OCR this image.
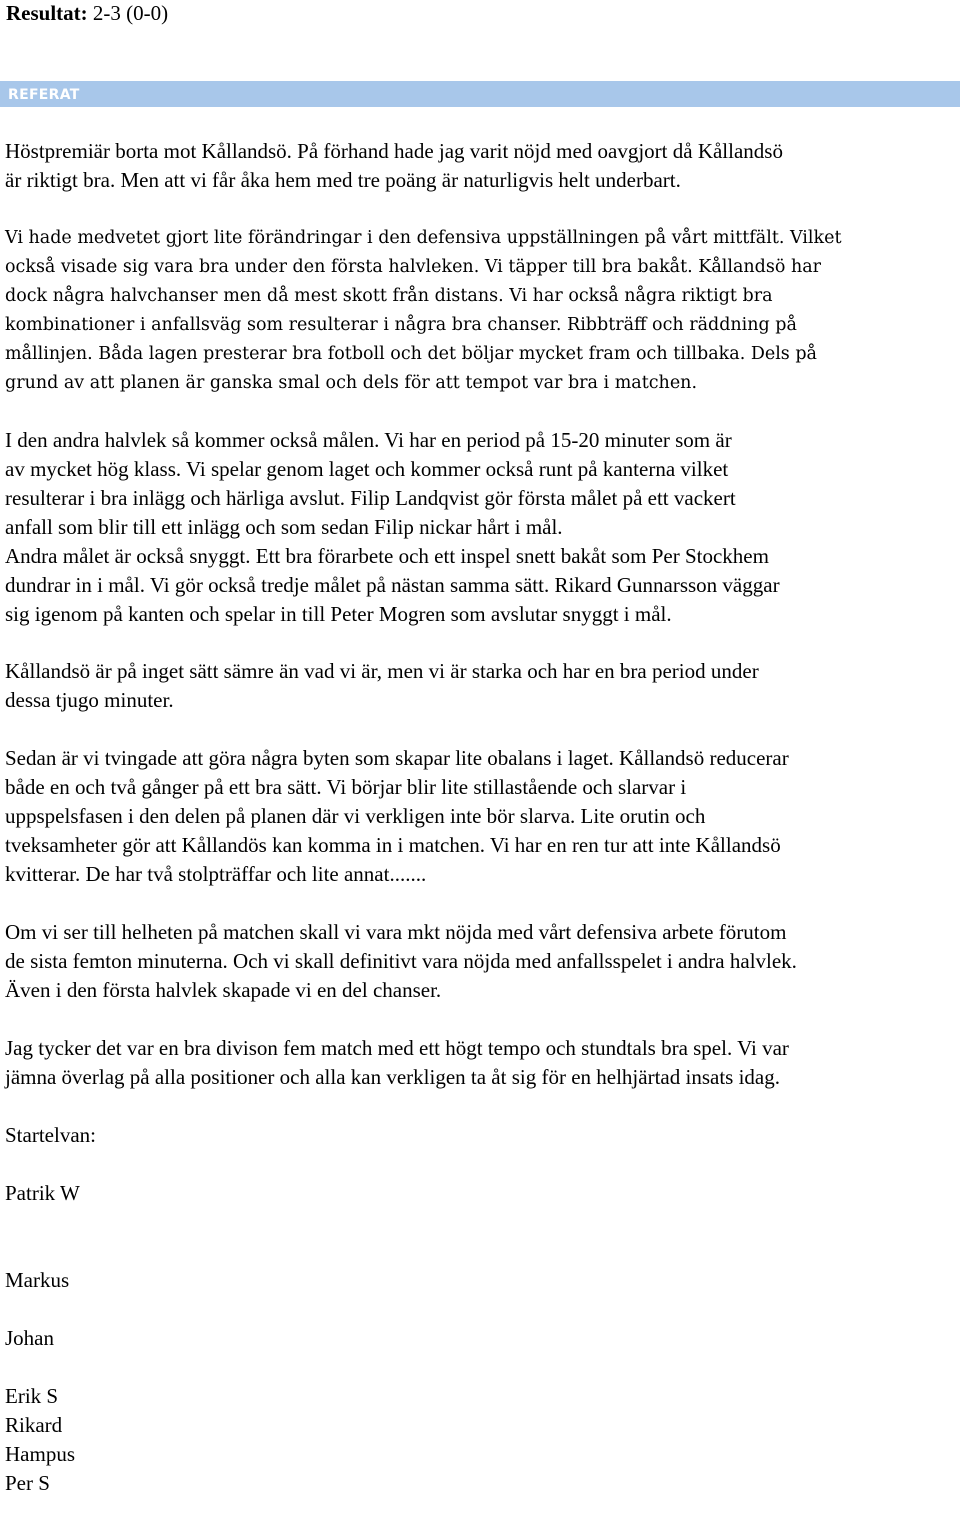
Resultat: 2-3 (0-0)
REFERAT

Höstpremiär borta mot Kållandsö. På förhand hade jag varit nöjd med oavgjort då Kållandsö
är riktigt bra. Men att vi får åka hem med tre poäng är naturligvis helt underbart.

Vi hade medvetet gjort lite förändringar i den defensiva uppställningen på vårt mittfält. Vilket
också visade sig vara bra under den första halvleken. Vi täpper till bra bakåt. Kållandsö har
dock några halvchanser men då mest skott från distans. Vi har också några riktigt bra
kombinationer i anfallsväg som resulterar i några bra chanser. Ribbträff och räddning på
mållinjen. Båda lagen presterar bra fotboll och det böljar mycket fram och tillbaka. Dels på
grund av att planen är ganska smal och dels för att tempot var bra i matchen.

I den andra halvlek så kommer också målen. Vi har en period på 15-20 minuter som är
av mycket hög klass. Vi spelar genom laget och kommer också runt på kanterna vilket
resulterar i bra inlägg och härliga avslut. Filip Landqvist gör första målet på ett vackert
anfall som blir till ett inlägg och som sedan Filip nickar hårt i mål.
Andra målet är också snyggt. Ett bra förarbete och ett inspel snett bakåt som Per Stockhem
dundrar in i mål. Vi gör också tredje målet på nästan samma sätt. Rikard Gunnarsson väggar
sig igenom på kanten och spelar in till Peter Mogren som avslutar snyggt i mål.

Kållandsö är på inget sätt sämre än vad vi är, men vi är starka och har en bra period under
dessa tjugo minuter.

Sedan är vi tvingade att göra några byten som skapar lite obalans i laget. Kållandsö reducerar
både en och två gånger på ett bra sätt. Vi börjar blir lite stillastående och slarvar i
uppspelsfasen i den delen på planen där vi verkligen inte bör slarva. Lite orutin och
tveksamheter gör att Kållandös kan komma in i matchen. Vi har en ren tur att inte Kållandsö
kvitterar. De har två stolpträffar och lite annat.......

Om vi ser till helheten på matchen skall vi vara mkt nöjda med vårt defensiva arbete förutom
de sista femton minuterna. Och vi skall definitivt vara nöjda med anfallsspelet i andra halvlek.
Även i den första halvlek skapade vi en del chanser.

Jag tycker det var en bra divison fem match med ett högt tempo och stundtals bra spel. Vi var
jämna överlag på alla positioner och alla kan verkligen ta åt sig för en helhjärtad insats idag.

Startelvan:

Patrik W

Markus

Johan

Erik S

Hampus

Rikard

Per S
